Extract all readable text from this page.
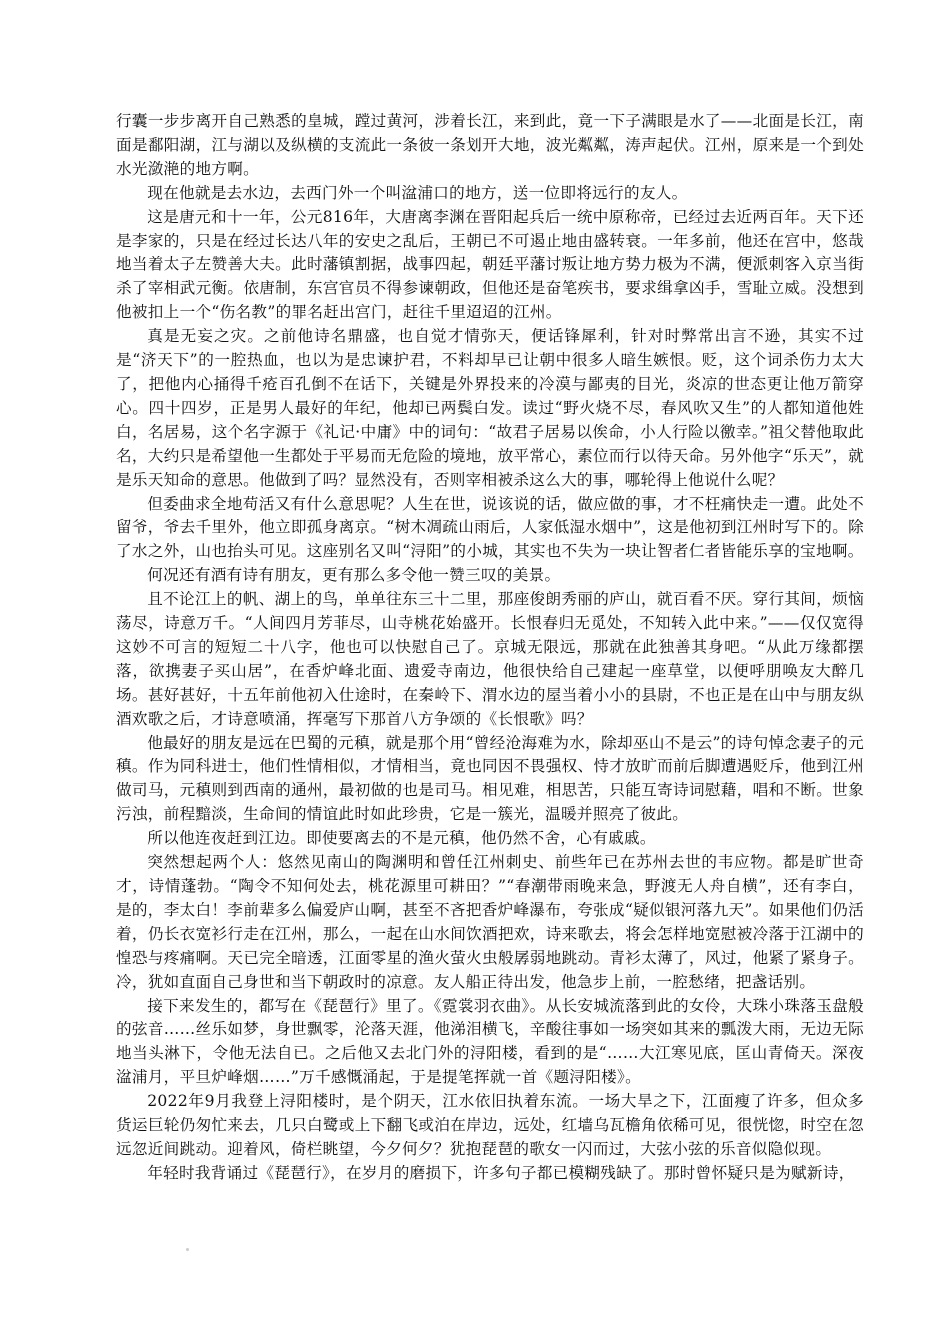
行囊一步步离开自己熟悉的皇城，蹚过黄河，涉着长江，来到此，竟一下子满眼是水了——北面是长江，南面是鄱阳湖，江与湖以及纵横的支流此一条彼一条划开大地，波光粼粼，涛声起伏。江州，原来是一个到处水光潋滟的地方啊。

现在他就是去水边，去西门外一个叫湓浦口的地方，送一位即将远行的友人。

这是唐元和十一年，公元816年，大唐离李渊在晋阳起兵后一统中原称帝，已经过去近两百年。天下还是李家的，只是在经过长达八年的安史之乱后，王朝已不可遏止地由盛转衰。一年多前，他还在宫中，悠哉地当着太子左赞善大夫。此时藩镇割据，战事四起，朝廷平藩讨叛让地方势力极为不满，便派刺客入京当街杀了宰相武元衡。依唐制，东宫官员不得参谏朝政，但他还是奋笔疾书，要求缉拿凶手，雪耻立威。没想到他被扣上一个“伤名教”的罪名赶出宫门，赶往千里迢迢的江州。

真是无妄之灾。之前他诗名鼎盛，也自觉才情弥天，便话锋犀利，针对时弊常出言不逊，其实不过是“济天下”的一腔热血，也以为是忠谏护君，不料却早已让朝中很多人暗生嫉恨。贬，这个词杀伤力太大了，把他内心捅得千疮百孔倒不在话下，关键是外界投来的冷漠与鄙夷的目光，炎凉的世态更让他万箭穿心。四十四岁，正是男人最好的年纪，他却已两鬓白发。读过“野火烧不尽，春风吹又生”的人都知道他姓白，名居易，这个名字源于《礼记·中庸》中的词句：“故君子居易以俟命，小人行险以徼幸。”祖父替他取此名，大约只是希望他一生都处于平易而无危险的境地，放平常心，素位而行以待天命。另外他字“乐天”，就是乐天知命的意思。他做到了吗？显然没有，否则宰相被杀这么大的事，哪轮得上他说什么呢？

但委曲求全地苟活又有什么意思呢？人生在世，说该说的话，做应做的事，才不枉痛快走一遭。此处不留爷，爷去千里外，他立即孤身离京。“树木凋疏山雨后，人家低湿水烟中”，这是他初到江州时写下的。除了水之外，山也抬头可见。这座别名又叫“浔阳”的小城，其实也不失为一块让智者仁者皆能乐享的宝地啊。

何况还有酒有诗有朋友，更有那么多令他一赞三叹的美景。

且不论江上的帆、湖上的鸟，单单往东三十二里，那座俊朗秀丽的庐山，就百看不厌。穿行其间，烦恼荡尽，诗意万千。“人间四月芳菲尽，山寺桃花始盛开。长恨春归无觅处，不知转入此中来。”——仅仅宽得这妙不可言的短短二十八字，他也可以快慰自己了。京城无限远，那就在此独善其身吧。“从此万缘都摆落，欲携妻子买山居”，在香炉峰北面、遗爱寺南边，他很快给自己建起一座草堂，以便呼朋唤友大醉几场。甚好甚好，十五年前他初入仕途时，在秦岭下、渭水边的屋当着小小的县尉，不也正是在山中与朋友纵酒欢歌之后，才诗意喷涌，挥毫写下那首八方争颂的《长恨歌》吗？

他最好的朋友是远在巴蜀的元稹，就是那个用“曾经沧海难为水，除却巫山不是云”的诗句悼念妻子的元稹。作为同科进士，他们性情相似，才情相当，竟也同因不畏强权、恃才放旷而前后脚遭遇贬斥，他到江州做司马，元稹则到西南的通州，最初做的也是司马。相见难，相思苦，只能互寄诗词慰藉，唱和不断。世象污浊，前程黯淡，生命间的情谊此时如此珍贵，它是一簇光，温暖并照亮了彼此。

所以他连夜赶到江边。即使要离去的不是元稹，他仍然不舍，心有戚戚。

突然想起两个人：悠然见南山的陶渊明和曾任江州刺史、前些年已在苏州去世的韦应物。都是旷世奇才，诗情蓬勃。“陶令不知何处去，桃花源里可耕田？”“春潮带雨晚来急，野渡无人舟自横”，还有李白，是的，李太白！李前辈多么偏爱庐山啊，甚至不吝把香炉峰瀑布，夸张成“疑似银河落九天”。如果他们仍活着，仍长衣宽衫行走在江州，那么，一起在山水间饮酒把欢，诗来歌去，将会怎样地宽慰被冷落于江湖中的惶恐与疼痛啊。天已完全暗透，江面零星的渔火萤火虫般孱弱地跳动。青衫太薄了，风过，他紧了紧身子。冷，犹如直面自己身世和当下朝政时的凉意。友人船正待出发，他急步上前，一腔愁绪，把盏话别。

接下来发生的，都写在《琵琶行》里了。《霓裳羽衣曲》。从长安城流落到此的女伶，大珠小珠落玉盘般的弦音……丝乐如梦，身世飘零，沦落天涯，他涕泪横飞，辛酸往事如一场突如其来的瓢泼大雨，无边无际地当头淋下，令他无法自已。之后他又去北门外的浔阳楼，看到的是“……大江寒见底，匡山青倚天。深夜湓浦月，平旦炉峰烟……”万千感慨涌起，于是提笔挥就一首《题浔阳楼》。

2022年9月我登上浔阳楼时，是个阴天，江水依旧执着东流。一场大旱之下，江面瘦了许多，但众多货运巨轮仍匆忙来去，几只白鹭或上下翻飞或泊在岸边，远处，红墙乌瓦檐角依稀可见，很恍惚，时空在忽远忽近间跳动。迎着风，倚栏眺望，今夕何夕？犹抱琵琶的歌女一闪而过，大弦小弦的乐音似隐似现。

年轻时我背诵过《琵琶行》，在岁月的磨损下，许多句子都已模糊残缺了。那时曾怀疑只是为赋新诗，
